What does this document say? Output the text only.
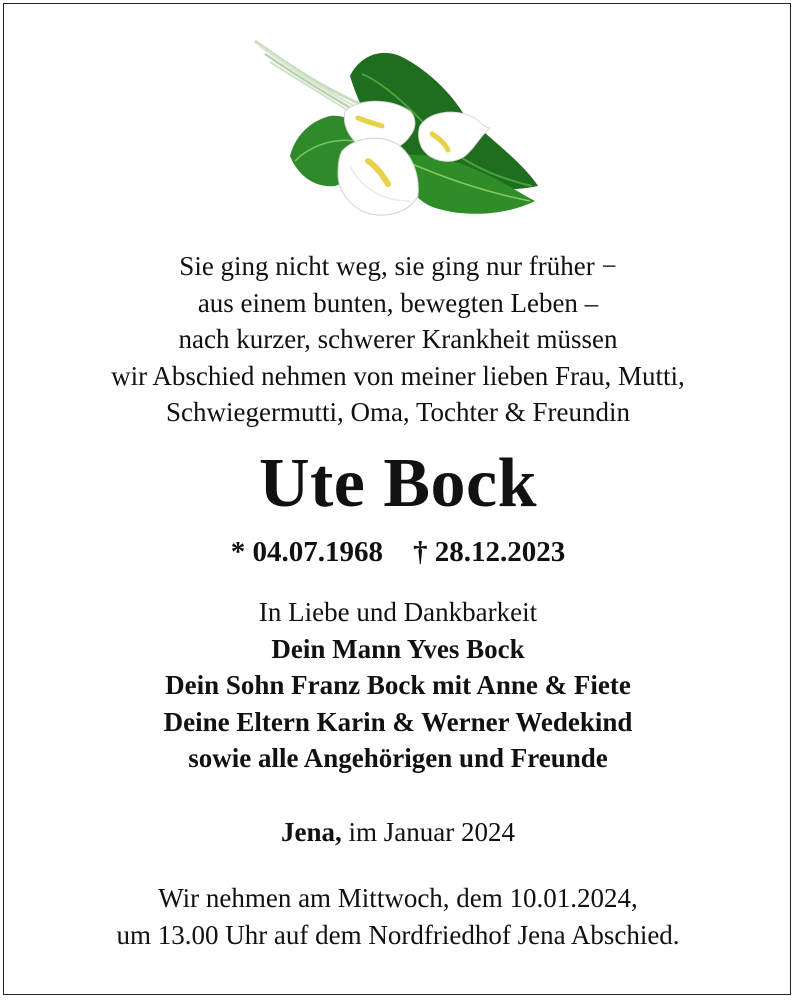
Sie ging nicht weg, sie ging nur früher −
aus einem bunten, bewegten Leben –
nach kurzer, schwerer Krankheit müssen
wir Abschied nehmen von meiner lieben Frau, Mutti,
Schwiegermutti, Oma, Tochter & Freundin
Ute Bock
* 04.07.1968 † 28.12.2023
In Liebe und Dankbarkeit
Dein Mann Yves Bock
Dein Sohn Franz Bock mit Anne & Fiete
Deine Eltern Karin & Werner Wedekind
sowie alle Angehörigen und Freunde
Jena, im Januar 2024
Wir nehmen am Mittwoch, dem 10.01.2024,
um 13.00 Uhr auf dem Nordfriedhof Jena Abschied.
